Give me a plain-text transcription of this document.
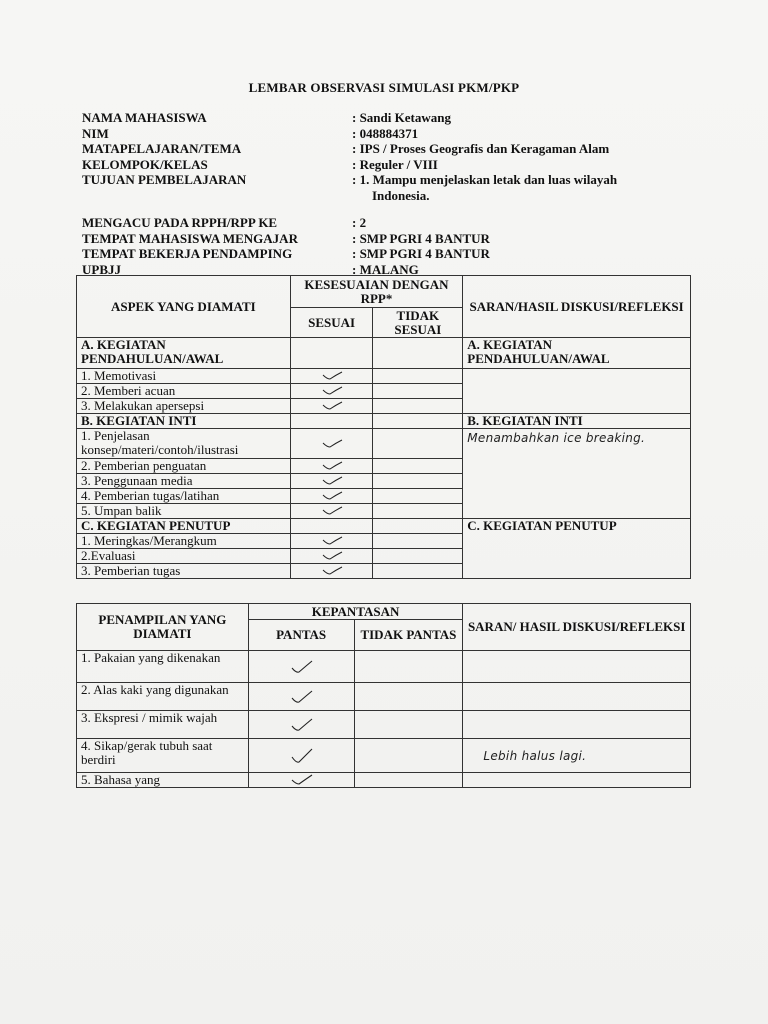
LEMBAR OBSERVASI SIMULASI PKM/PKP
NAMA MAHASISWA	: Sandi Ketawang
NIM	: 048884371
MATAPELAJARAN/TEMA	: IPS / Proses Geografis dan Keragaman Alam
KELOMPOK/KELAS	: Reguler / VIII
TUJUAN PEMBELAJARAN	: 1. Mampu menjelaskan letak dan luas wilayah
Indonesia.
MENGACU PADA RPPH/RPP KE	: 2
TEMPAT MAHASISWA MENGAJAR	: SMP PGRI 4 BANTUR
TEMPAT BEKERJA PENDAMPING	: SMP PGRI 4 BANTUR
UPBJJ	: MALANG
ASPEK YANG DIAMATI	KESESUAIAN DENGAN RPP*		SARAN/HASIL DISKUSI/REFLEKSI
	SESUAI	TIDAK SESUAI	
A. KEGIATAN PENDAHULUAN/AWAL			A. KEGIATAN PENDAHULUAN/AWAL
1. Memotivasi	

2. Memberi acuan	

3. Melakukan apersepsi	

B. KEGIATAN INTI			B. KEGIATAN INTI
1. Penjelasan konsep/materi/contoh/ilustrasi			Menambahkan ice breaking.
2. Pemberian penguatan	

3. Penggunaan media	

4. Pemberian tugas/latihan	

5. Umpan balik	

C. KEGIATAN PENUTUP			C. KEGIATAN PENUTUP
1. Meringkas/Merangkum	

2.Evaluasi	

3. Pemberian tugas	

PENAMPILAN YANG DIAMATI	KEPANTASAN		SARAN/ HASIL DISKUSI/REFLEKSI
	PANTAS	TIDAK PANTAS	
1. Pakaian yang dikenakan	

2. Alas kaki yang digunakan	

3. Ekspresi / mimik wajah	

4. Sikap/gerak tubuh saat berdiri			Lebih halus lagi.
5. Bahasa yang	
